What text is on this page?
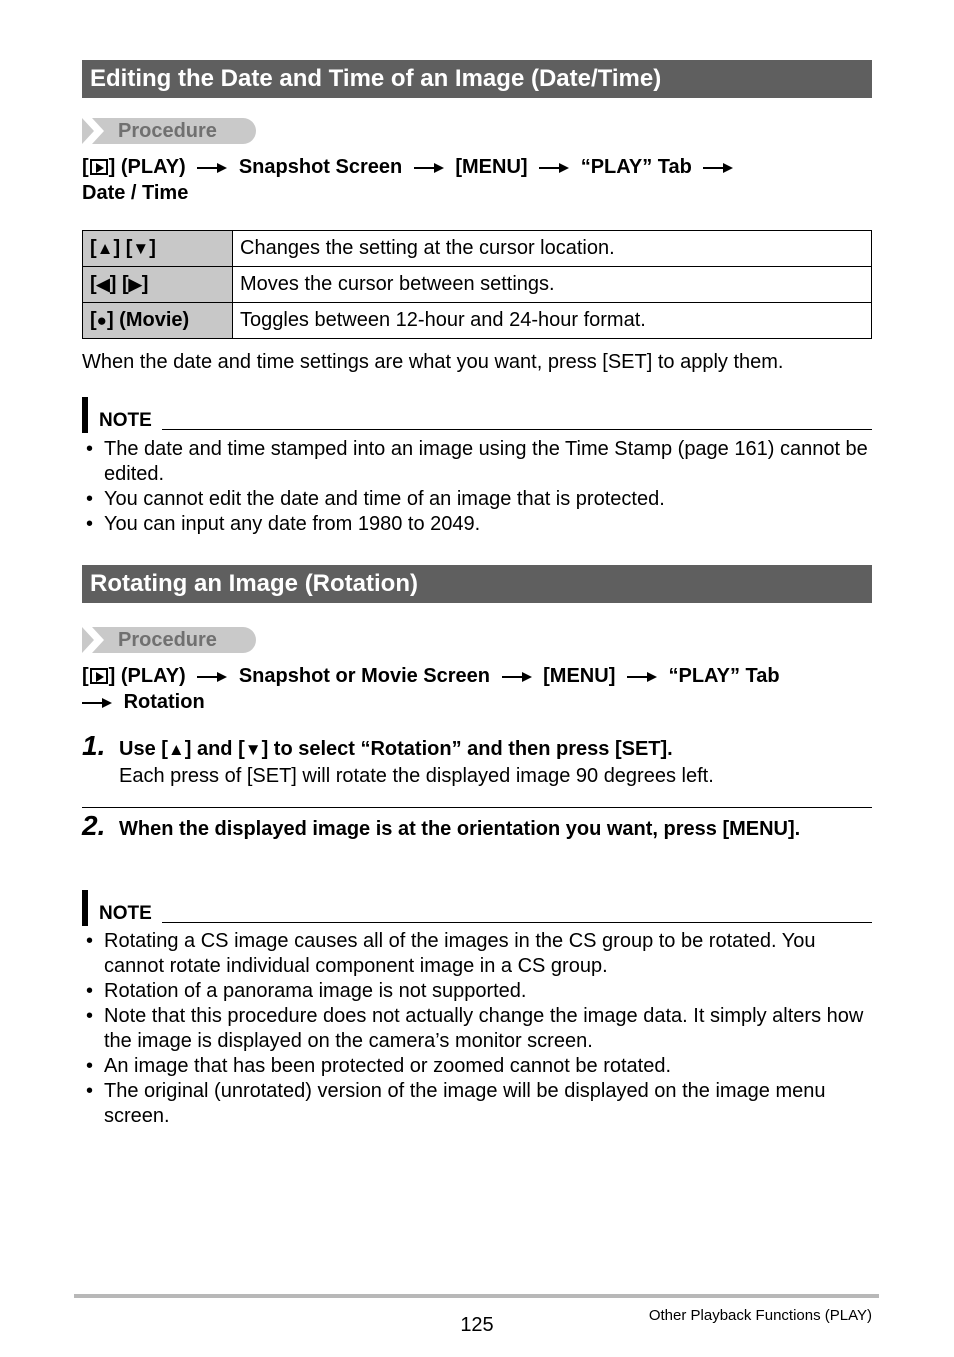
Editing the Date and Time of an Image (Date/Time)
Procedure
[ ] (PLAY)	Snapshot Screen	[MENU]	“PLAY” Tab
Date / Time
[▲] [▼]	Changes the setting at the cursor location.
[◀] [▶]	Moves the cursor between settings.
[●] (Movie)	Toggles between 12-hour and 24-hour format.
When the date and time settings are what you want, press [SET] to apply them.
NOTE
• The date and time stamped into an image using the Time Stamp (page 161) cannot be edited.
• You cannot edit the date and time of an image that is protected.
• You can input any date from 1980 to 2049.
Rotating an Image (Rotation)
Procedure
[ ] (PLAY)	Snapshot or Movie Screen	[MENU]	“PLAY” Tab
Rotation
1. Use [▲] and [▼] to select “Rotation” and then press [SET].
Each press of [SET] will rotate the displayed image 90 degrees left.
2. When the displayed image is at the orientation you want, press [MENU].
NOTE
• Rotating a CS image causes all of the images in the CS group to be rotated. You cannot rotate individual component image in a CS group.
• Rotation of a panorama image is not supported.
• Note that this procedure does not actually change the image data. It simply alters how the image is displayed on the camera’s monitor screen.
• An image that has been protected or zoomed cannot be rotated.
• The original (unrotated) version of the image will be displayed on the image menu screen.
125	Other Playback Functions (PLAY)
